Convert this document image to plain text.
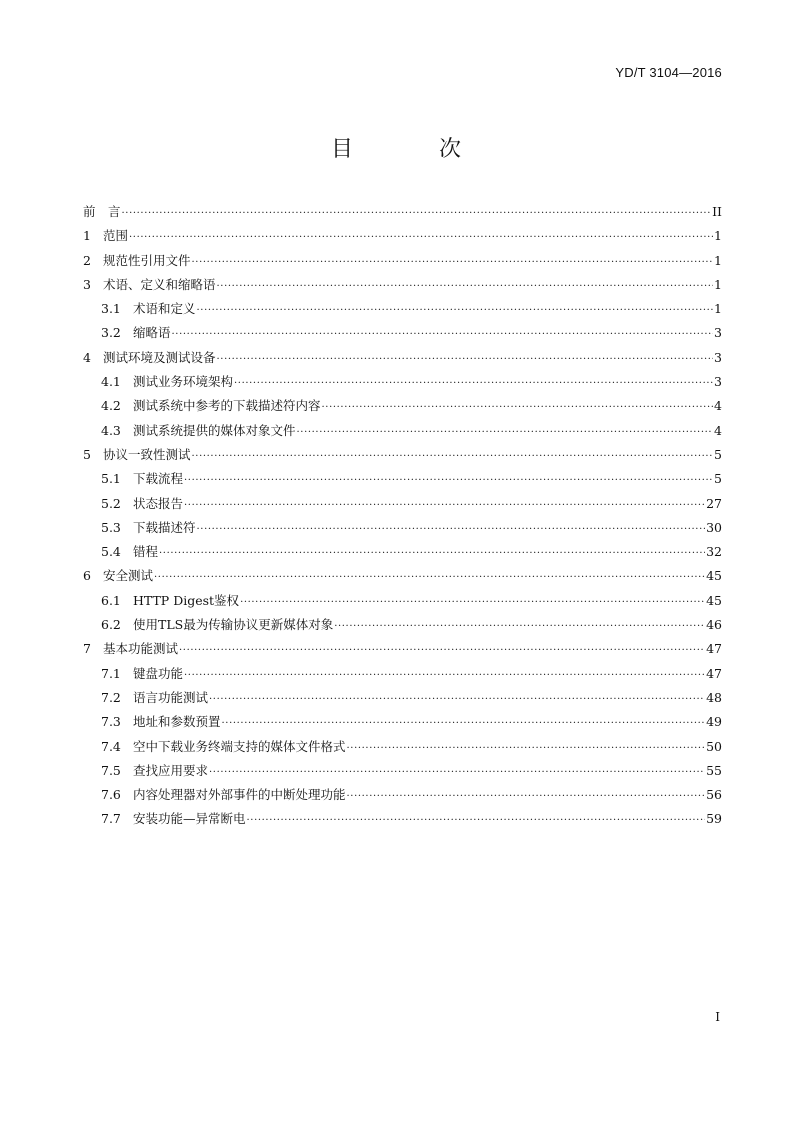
YD/T 3104—2016
目　次
前　言 ·····	II
1 范围 ·····	1
2 规范性引用文件 ·····	1
3 术语、定义和缩略语 ·····	1
3.1 术语和定义 ·····	1
3.2 缩略语 ·····	3
4 测试环境及测试设备 ·····	3
4.1 测试业务环境架构 ·····	3
4.2 测试系统中参考的下载描述符内容 ·····	4
4.3 测试系统提供的媒体对象文件 ·····	4
5 协议一致性测试 ·····	5
5.1 下载流程 ·····	5
5.2 状态报告 ·····	27
5.3 下载描述符 ·····	30
5.4 错程 ·····	32
6 安全测试 ·····	45
6.1 HTTP Digest鉴权 ·····	45
6.2 使用TLS最为传输协议更新媒体对象 ·····	46
7 基本功能测试 ·····	47
7.1 键盘功能 ·····	47
7.2 语言功能测试 ·····	48
7.3 地址和参数预置 ·····	49
7.4 空中下载业务终端支持的媒体文件格式 ·····	50
7.5 查找应用要求 ·····	55
7.6 内容处理器对外部事件的中断处理功能 ·····	56
7.7 安装功能—异常断电 ·····	59
I
